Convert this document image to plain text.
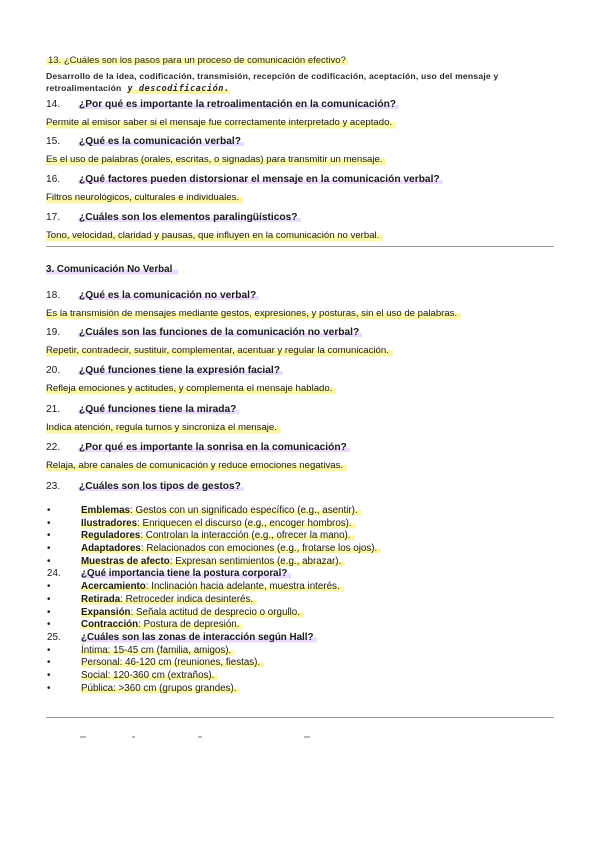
13. ¿Cuáles son los pasos para un proceso de comunicación efectivo?
Desarrollo de la idea, codificación, transmisión, recepción de codificación, aceptación, uso del mensaje y retroalimentación y descodificación.
14. ¿Por qué es importante la retroalimentación en la comunicación?
Permite al emisor saber si el mensaje fue correctamente interpretado y aceptado.
15. ¿Qué es la comunicación verbal?
Es el uso de palabras (orales, escritas, o signadas) para transmitir un mensaje.
16. ¿Qué factores pueden distorsionar el mensaje en la comunicación verbal?
Filtros neurológicos, culturales e individuales.
17. ¿Cuáles son los elementos paralingüísticos?
Tono, velocidad, claridad y pausas, que influyen en la comunicación no verbal.
3. Comunicación No Verbal
18. ¿Qué es la comunicación no verbal?
Es la transmisión de mensajes mediante gestos, expresiones, y posturas, sin el uso de palabras.
19. ¿Cuáles son las funciones de la comunicación no verbal?
Repetir, contradecir, sustituir, complementar, acentuar y regular la comunicación.
20. ¿Qué funciones tiene la expresión facial?
Refleja emociones y actitudes, y complementa el mensaje hablado.
21. ¿Qué funciones tiene la mirada?
Indica atención, regula turnos y sincroniza el mensaje.
22. ¿Por qué es importante la sonrisa en la comunicación?
Relaja, abre canales de comunicación y reduce emociones negativas.
23. ¿Cuáles son los tipos de gestos?
•	Emblemas: Gestos con un significado específico (e.g., asentir).
•	Ilustradores: Enriquecen el discurso (e.g., encoger hombros).
•	Reguladores: Controlan la interacción (e.g., ofrecer la mano).
•	Adaptadores: Relacionados con emociones (e.g., frotarse los ojos).
•	Muestras de afecto: Expresan sentimientos (e.g., abrazar).
24. ¿Qué importancia tiene la postura corporal?
•	Acercamiento: Inclinación hacia adelante, muestra interés.
•	Retirada: Retroceder indica desinterés.
•	Expansión: Señala actitud de desprecio o orgullo.
•	Contracción: Postura de depresión.
25. ¿Cuáles son las zonas de interacción según Hall?
•	Íntima: 15-45 cm (familia, amigos).
•	Personal: 46-120 cm (reuniones, fiestas).
•	Social: 120-360 cm (extraños).
•	Pública: >360 cm (grupos grandes).
